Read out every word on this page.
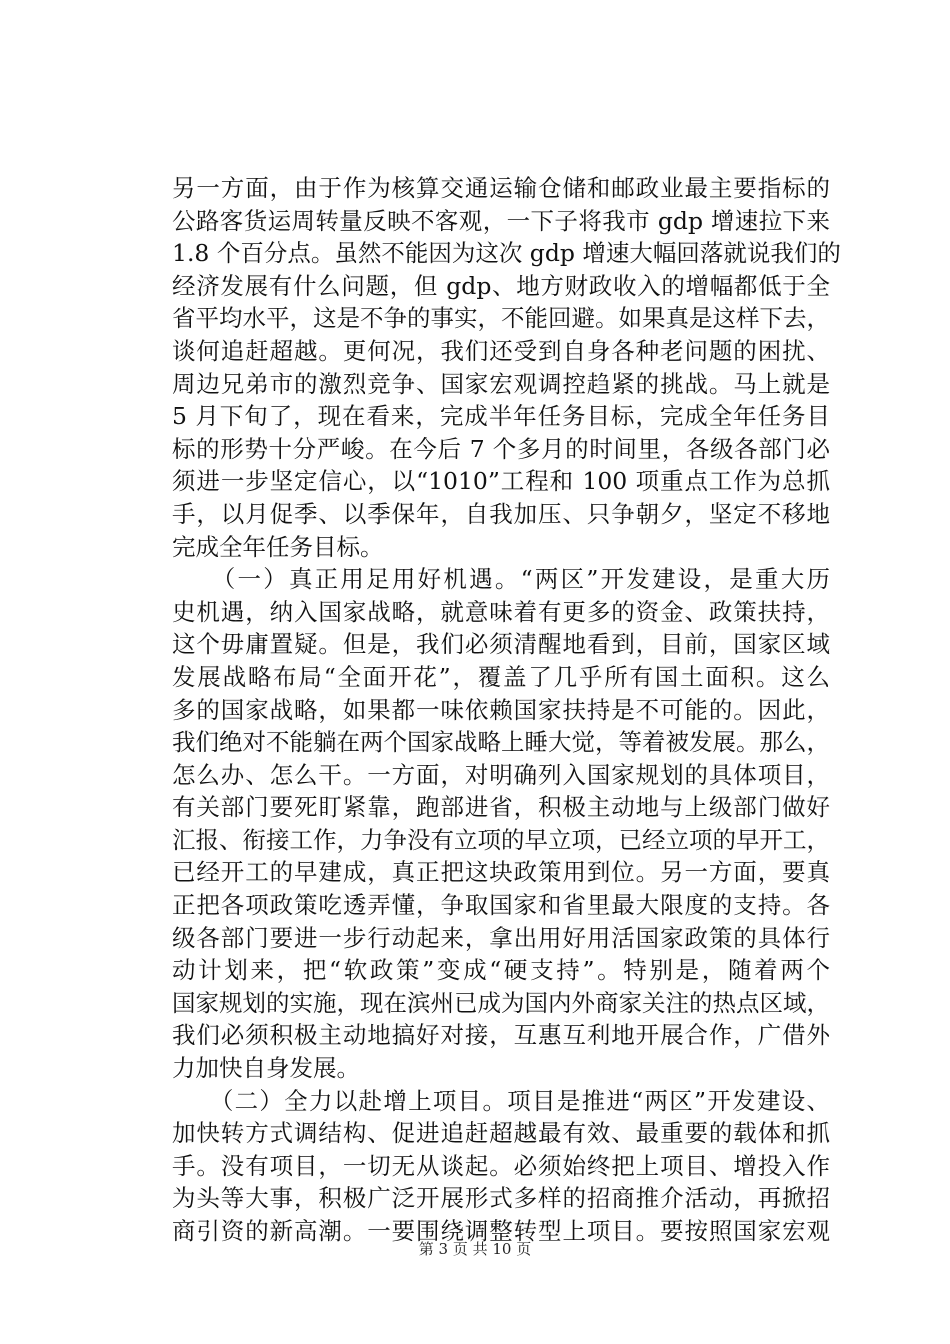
另一方面，由于作为核算交通运输仓储和邮政业最主要指标的
公路客货运周转量反映不客观，一下子将我市 gdp 增速拉下来
1.8 个百分点。虽然不能因为这次 gdp 增速大幅回落就说我们的
经济发展有什么问题，但 gdp、地方财政收入的增幅都低于全
省平均水平，这是不争的事实，不能回避。如果真是这样下去，
谈何追赶超越。更何况，我们还受到自身各种老问题的困扰、
周边兄弟市的激烈竞争、国家宏观调控趋紧的挑战。马上就是
5 月下旬了，现在看来，完成半年任务目标，完成全年任务目
标的形势十分严峻。在今后 7 个多月的时间里，各级各部门必
须进一步坚定信心，以“1010”工程和 100 项重点工作为总抓
手，以月促季、以季保年，自我加压、只争朝夕，坚定不移地
完成全年任务目标。
　　（一）真正用足用好机遇。“两区”开发建设，是重大历
史机遇，纳入国家战略，就意味着有更多的资金、政策扶持，
这个毋庸置疑。但是，我们必须清醒地看到，目前，国家区域
发展战略布局“全面开花”，覆盖了几乎所有国土面积。这么
多的国家战略，如果都一味依赖国家扶持是不可能的。因此，
我们绝对不能躺在两个国家战略上睡大觉，等着被发展。那么，
怎么办、怎么干。一方面，对明确列入国家规划的具体项目，
有关部门要死盯紧靠，跑部进省，积极主动地与上级部门做好
汇报、衔接工作，力争没有立项的早立项，已经立项的早开工，
已经开工的早建成，真正把这块政策用到位。另一方面，要真
正把各项政策吃透弄懂，争取国家和省里最大限度的支持。各
级各部门要进一步行动起来，拿出用好用活国家政策的具体行
动计划来，把“软政策”变成“硬支持”。特别是，随着两个
国家规划的实施，现在滨州已成为国内外商家关注的热点区域，
我们必须积极主动地搞好对接，互惠互利地开展合作，广借外
力加快自身发展。
　　（二）全力以赴增上项目。项目是推进“两区”开发建设、
加快转方式调结构、促进追赶超越最有效、最重要的载体和抓
手。没有项目，一切无从谈起。必须始终把上项目、增投入作
为头等大事，积极广泛开展形式多样的招商推介活动，再掀招
商引资的新高潮。一要围绕调整转型上项目。要按照国家宏观
第 3 页 共 10 页
